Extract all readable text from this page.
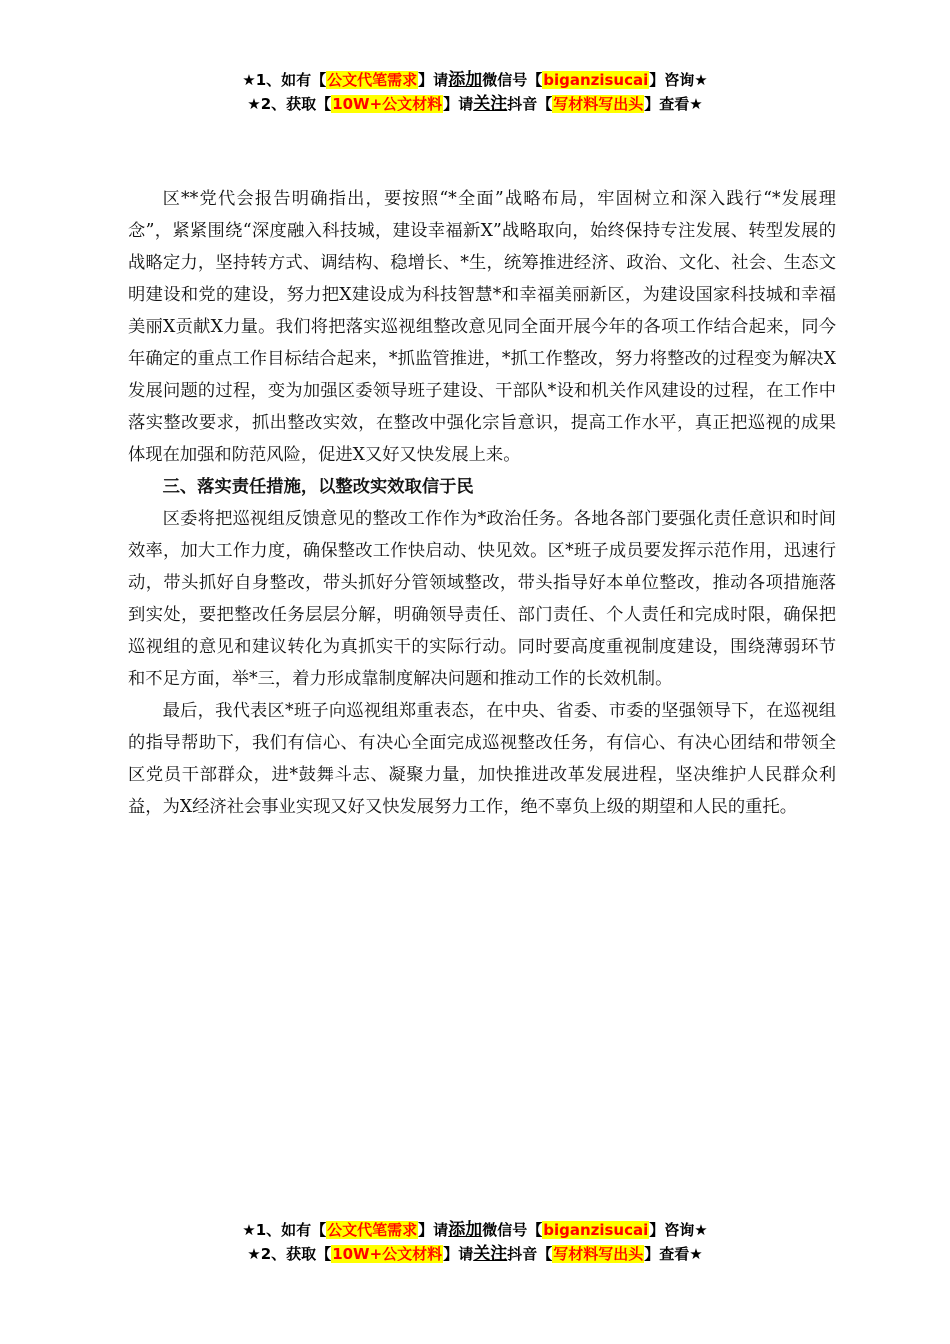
★1、如有【公文代笔需求】请添加微信号【biganzisucai】咨询★
★2、获取【10W+公文材料】请关注抖音【写材料写出头】查看★

区**党代会报告明确指出，要按照“*全面”战略布局，牢固树立和深入践行“*发展理念”，紧紧围绕“深度融入科技城，建设幸福新X”战略取向，始终保持专注发展、转型发展的战略定力，坚持转方式、调结构、稳增长、*生，统筹推进经济、政治、文化、社会、生态文明建设和党的建设，努力把X建设成为科技智慧*和幸福美丽新区，为建设国家科技城和幸福美丽X贡献X力量。我们将把落实巡视组整改意见同全面开展今年的各项工作结合起来，同今年确定的重点工作目标结合起来，*抓监管推进，*抓工作整改，努力将整改的过程变为解决X发展问题的过程，变为加强区委领导班子建设、干部队*设和机关作风建设的过程，在工作中落实整改要求，抓出整改实效，在整改中强化宗旨意识，提高工作水平，真正把巡视的成果体现在加强和防范风险，促进X又好又快发展上来。

三、落实责任措施，以整改实效取信于民

区委将把巡视组反馈意见的整改工作作为*政治任务。各地各部门要强化责任意识和时间效率，加大工作力度，确保整改工作快启动、快见效。区*班子成员要发挥示范作用，迅速行动，带头抓好自身整改，带头抓好分管领域整改，带头指导好本单位整改，推动各项措施落到实处，要把整改任务层层分解，明确领导责任、部门责任、个人责任和完成时限，确保把巡视组的意见和建议转化为真抓实干的实际行动。同时要高度重视制度建设，围绕薄弱环节和不足方面，举*三，着力形成靠制度解决问题和推动工作的长效机制。

最后，我代表区*班子向巡视组郑重表态，在中央、省委、市委的坚强领导下，在巡视组的指导帮助下，我们有信心、有决心全面完成巡视整改任务，有信心、有决心团结和带领全区党员干部群众，进*鼓舞斗志、凝聚力量，加快推进改革发展进程，坚决维护人民群众利益，为X经济社会事业实现又好又快发展努力工作，绝不辜负上级的期望和人民的重托。

★1、如有【公文代笔需求】请添加微信号【biganzisucai】咨询★
★2、获取【10W+公文材料】请关注抖音【写材料写出头】查看★
